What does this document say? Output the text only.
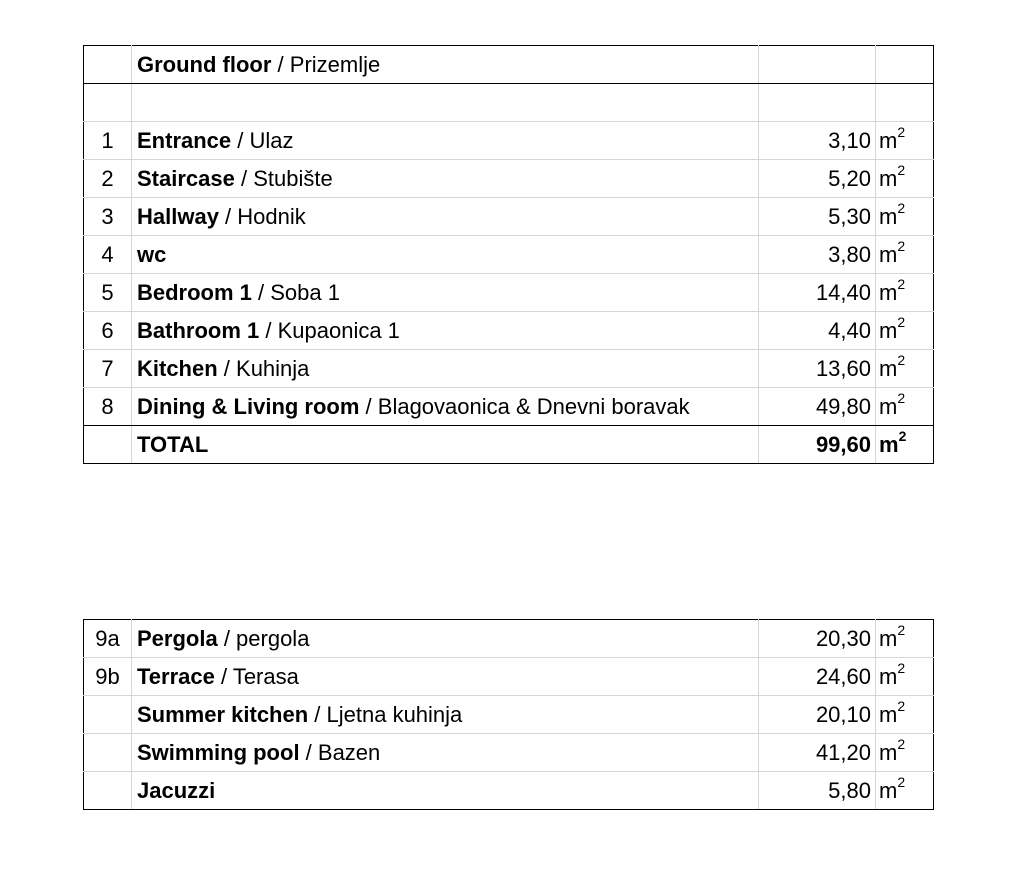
	Ground floor / Prizemlje		

1	Entrance / Ulaz	3,10	$m^2$
2	Staircase / Stubište	5,20	$m^2$
3	Hallway / Hodnik	5,30	$m^2$
4	wc	3,80	$m^2$
5	Bedroom 1 / Soba 1	14,40	$m^2$
6	Bathroom 1 / Kupaonica 1	4,40	$m^2$
7	Kitchen / Kuhinja	13,60	$m^2$
8	Dining & Living room / Blagovaonica & Dnevni boravak	49,80	$m^2$
	TOTAL	99,60	$m^2$
9a	Pergola / pergola	20,30	$m^2$
9b	Terrace / Terasa	24,60	$m^2$
	Summer kitchen / Ljetna kuhinja	20,10	$m^2$
	Swimming pool / Bazen	41,20	$m^2$
	Jacuzzi	5,80	$m^2$
